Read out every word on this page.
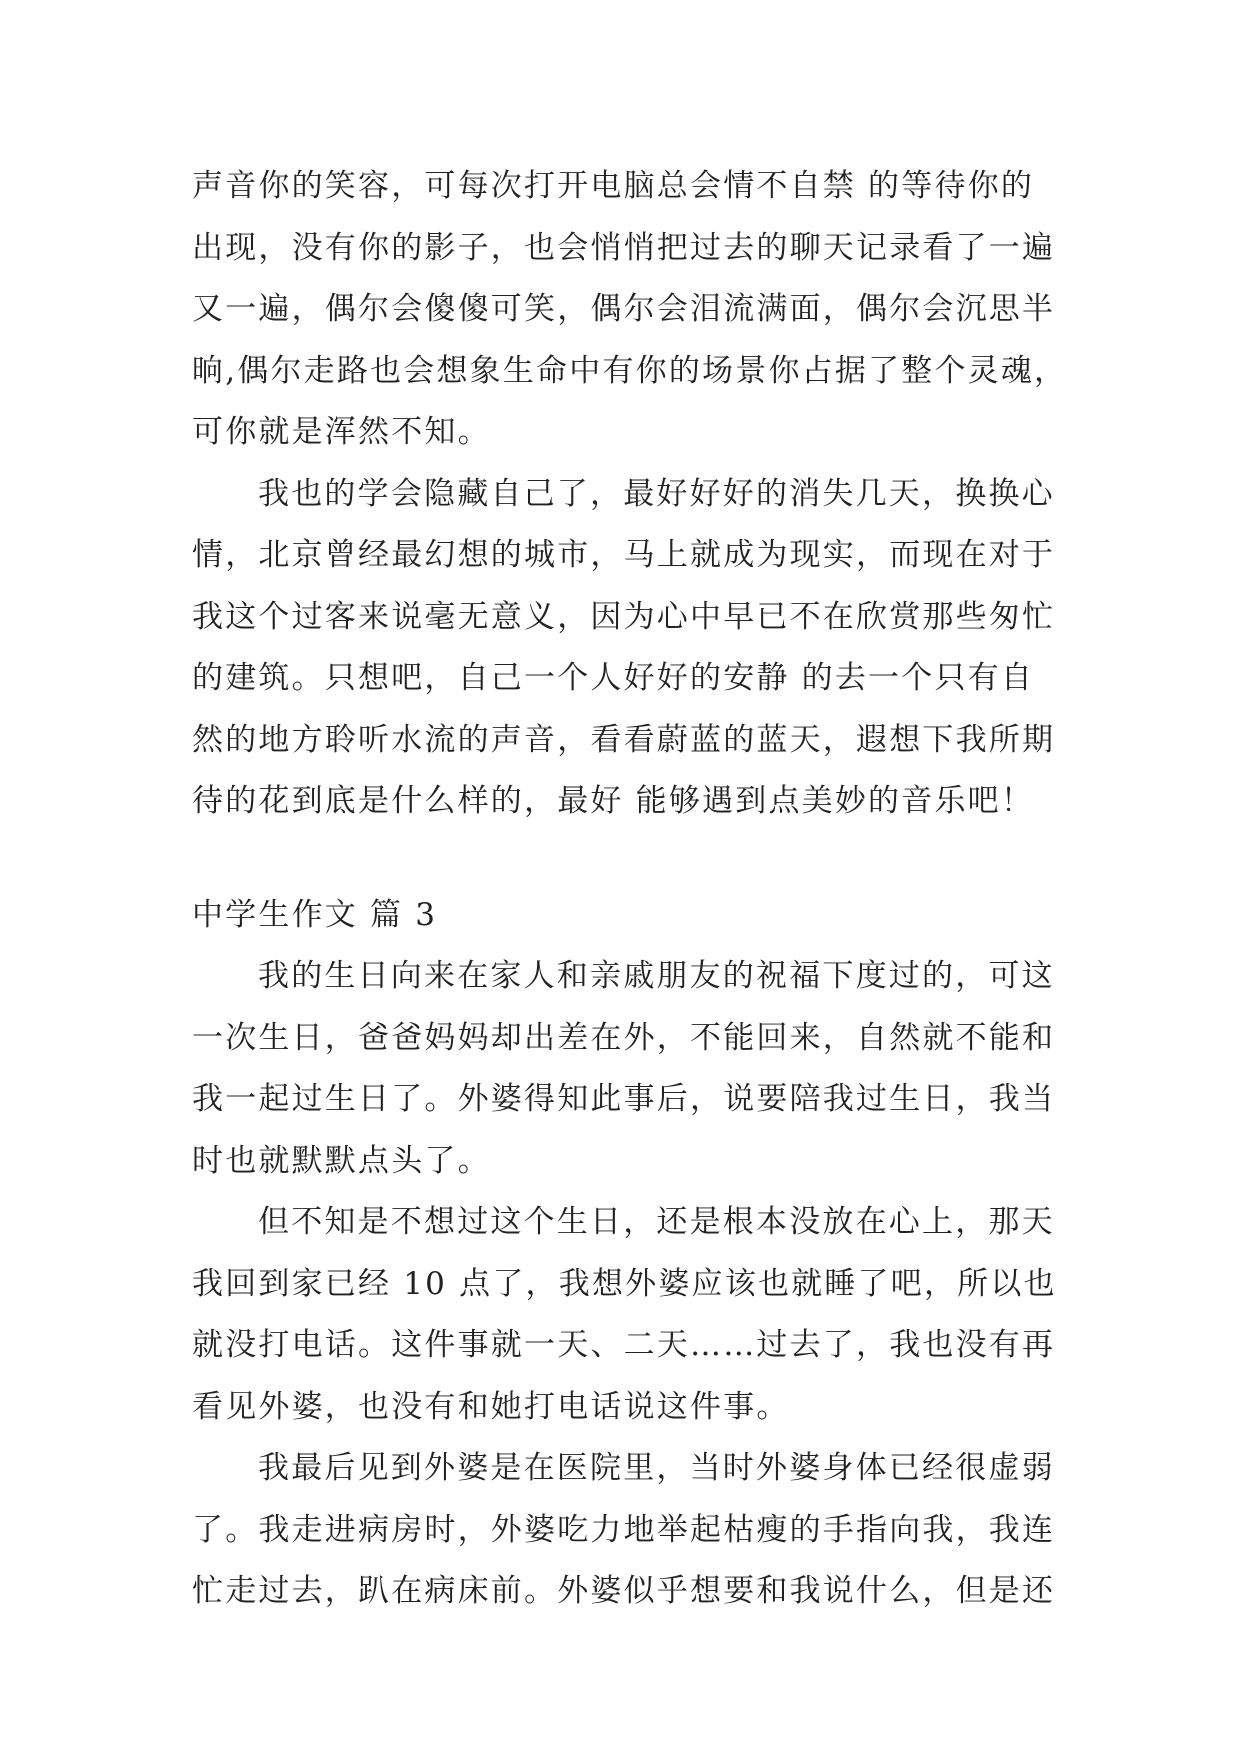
声音你的笑容，可每次打开电脑总会情不自禁 的等待你的
出现，没有你的影子，也会悄悄把过去的聊天记录看了一遍
又一遍，偶尔会傻傻可笑，偶尔会泪流满面，偶尔会沉思半
晌,偶尔走路也会想象生命中有你的场景你占据了整个灵魂，
可你就是浑然不知。
我也的学会隐藏自己了，最好好好的消失几天，换换心
情，北京曾经最幻想的城市，马上就成为现实，而现在对于
我这个过客来说毫无意义，因为心中早已不在欣赏那些匆忙
的建筑。只想吧，自己一个人好好的安静 的去一个只有自
然的地方聆听水流的声音，看看蔚蓝的蓝天，遐想下我所期
待的花到底是什么样的，最好 能够遇到点美妙的音乐吧！
中学生作文 篇 3
我的生日向来在家人和亲戚朋友的祝福下度过的，可这
一次生日，爸爸妈妈却出差在外，不能回来，自然就不能和
我一起过生日了。外婆得知此事后，说要陪我过生日，我当
时也就默默点头了。
但不知是不想过这个生日，还是根本没放在心上，那天
我回到家已经 10 点了，我想外婆应该也就睡了吧，所以也
就没打电话。这件事就一天、二天……过去了，我也没有再
看见外婆，也没有和她打电话说这件事。
我最后见到外婆是在医院里，当时外婆身体已经很虚弱
了。我走进病房时，外婆吃力地举起枯瘦的手指向我，我连
忙走过去，趴在病床前。外婆似乎想要和我说什么，但是还
